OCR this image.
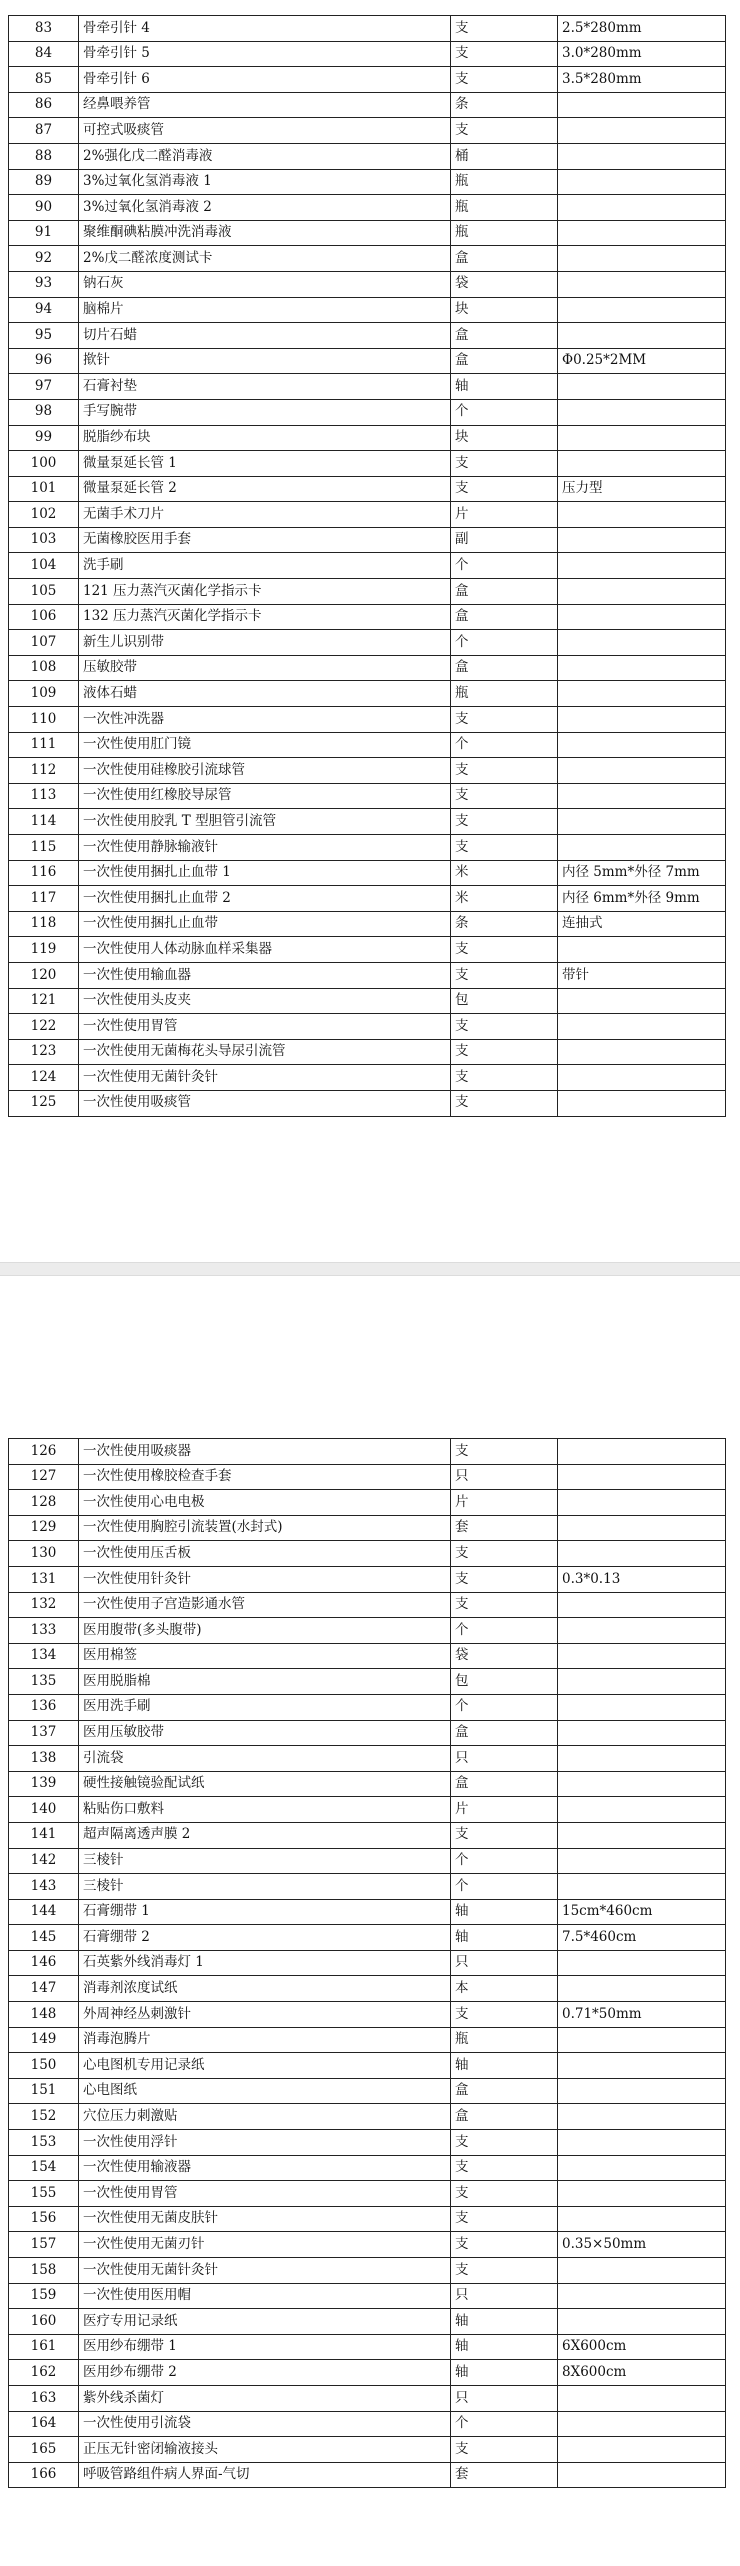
83	骨牵引针 4	支	2.5*280mm
84	骨牵引针 5	支	3.0*280mm
85	骨牵引针 6	支	3.5*280mm
86	经鼻喂养管	条	
87	可控式吸痰管	支	
88	2%强化戊二醛消毒液	桶	
89	3%过氧化氢消毒液 1	瓶	
90	3%过氧化氢消毒液 2	瓶	
91	聚维酮碘粘膜冲洗消毒液	瓶	
92	2%戊二醛浓度测试卡	盒	
93	钠石灰	袋	
94	脑棉片	块	
95	切片石蜡	盒	
96	揿针	盒	Φ0.25*2MM
97	石膏衬垫	轴	
98	手写腕带	个	
99	脱脂纱布块	块	
100	微量泵延长管 1	支	
101	微量泵延长管 2	支	压力型
102	无菌手术刀片	片	
103	无菌橡胶医用手套	副	
104	洗手刷	个	
105	121 压力蒸汽灭菌化学指示卡	盒	
106	132 压力蒸汽灭菌化学指示卡	盒	
107	新生儿识别带	个	
108	压敏胶带	盒	
109	液体石蜡	瓶	
110	一次性冲洗器	支	
111	一次性使用肛门镜	个	
112	一次性使用硅橡胶引流球管	支	
113	一次性使用红橡胶导尿管	支	
114	一次性使用胶乳 T 型胆管引流管	支	
115	一次性使用静脉输液针	支	
116	一次性使用捆扎止血带 1	米	内径 5mm*外径 7mm
117	一次性使用捆扎止血带 2	米	内径 6mm*外径 9mm
118	一次性使用捆扎止血带	条	连抽式
119	一次性使用人体动脉血样采集器	支	
120	一次性使用输血器	支	带针
121	一次性使用头皮夹	包	
122	一次性使用胃管	支	
123	一次性使用无菌梅花头导尿引流管	支	
124	一次性使用无菌针灸针	支	
125	一次性使用吸痰管	支	
126	一次性使用吸痰器	支	
127	一次性使用橡胶检查手套	只	
128	一次性使用心电电极	片	
129	一次性使用胸腔引流装置(水封式)	套	
130	一次性使用压舌板	支	
131	一次性使用针灸针	支	0.3*0.13
132	一次性使用子宫造影通水管	支	
133	医用腹带(多头腹带)	个	
134	医用棉签	袋	
135	医用脱脂棉	包	
136	医用洗手刷	个	
137	医用压敏胶带	盒	
138	引流袋	只	
139	硬性接触镜验配试纸	盒	
140	粘贴伤口敷料	片	
141	超声隔离透声膜 2	支	
142	三棱针	个	
143	三棱针	个	
144	石膏绷带 1	轴	15cm*460cm
145	石膏绷带 2	轴	7.5*460cm
146	石英紫外线消毒灯 1	只	
147	消毒剂浓度试纸	本	
148	外周神经丛刺激针	支	0.71*50mm
149	消毒泡腾片	瓶	
150	心电图机专用记录纸	轴	
151	心电图纸	盒	
152	穴位压力刺激贴	盒	
153	一次性使用浮针	支	
154	一次性使用输液器	支	
155	一次性使用胃管	支	
156	一次性使用无菌皮肤针	支	
157	一次性使用无菌刃针	支	0.35×50mm
158	一次性使用无菌针灸针	支	
159	一次性使用医用帽	只	
160	医疗专用记录纸	轴	
161	医用纱布绷带 1	轴	6X600cm
162	医用纱布绷带 2	轴	8X600cm
163	紫外线杀菌灯	只	
164	一次性使用引流袋	个	
165	正压无针密闭输液接头	支	
166	呼吸管路组件病人界面-气切	套	
